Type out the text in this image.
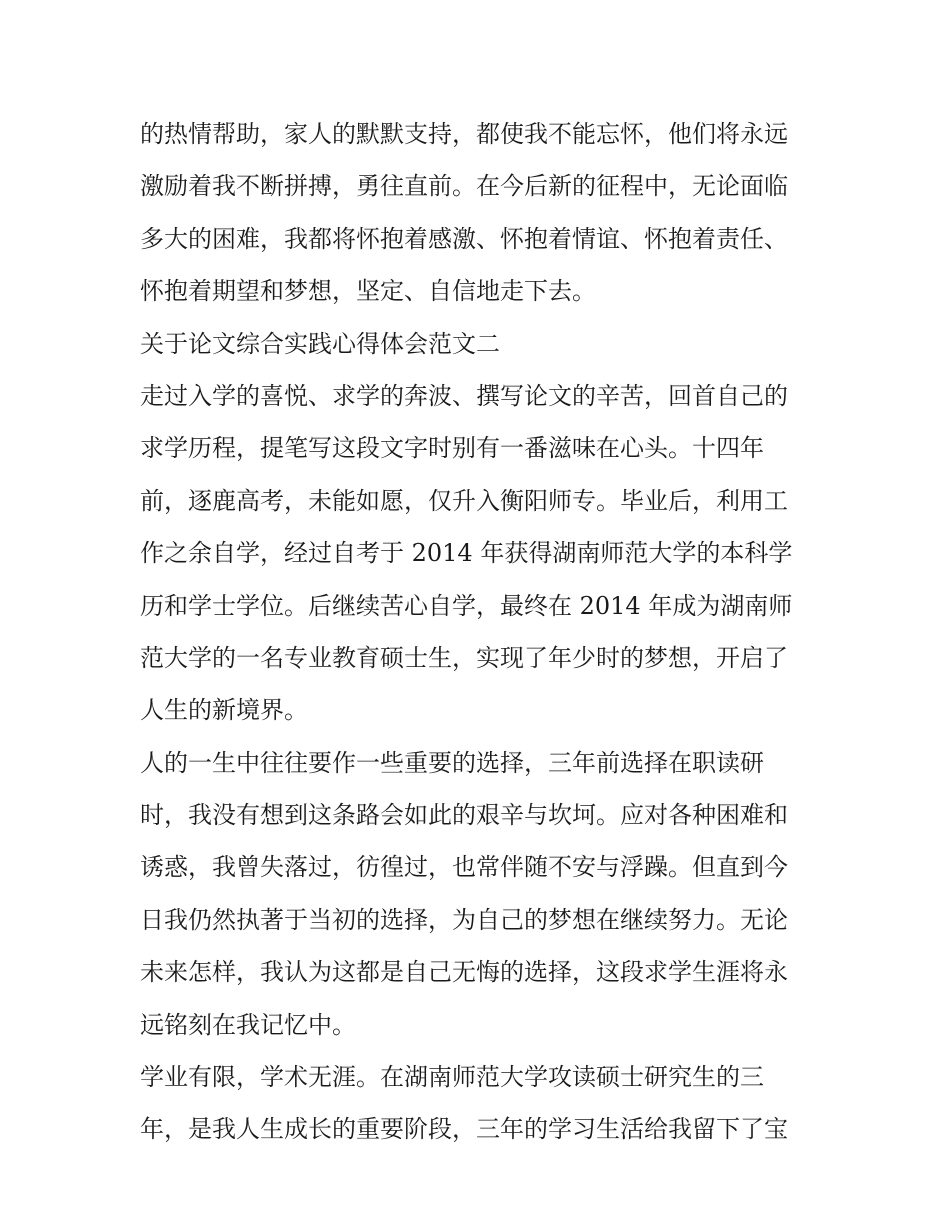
的热情帮助，家人的默默支持，都使我不能忘怀，他们将永远
激励着我不断拼搏，勇往直前。在今后新的征程中，无论面临
多大的困难，我都将怀抱着感激、怀抱着情谊、怀抱着责任、
怀抱着期望和梦想，坚定、自信地走下去。
关于论文综合实践心得体会范文二
走过入学的喜悦、求学的奔波、撰写论文的辛苦，回首自己的
求学历程，提笔写这段文字时别有一番滋味在心头。十四年
前，逐鹿高考，未能如愿，仅升入衡阳师专。毕业后，利用工
作之余自学，经过自考于 2014 年获得湖南师范大学的本科学
历和学士学位。后继续苦心自学，最终在 2014 年成为湖南师
范大学的一名专业教育硕士生，实现了年少时的梦想，开启了
人生的新境界。
人的一生中往往要作一些重要的选择，三年前选择在职读研
时，我没有想到这条路会如此的艰辛与坎坷。应对各种困难和
诱惑，我曾失落过，彷徨过，也常伴随不安与浮躁。但直到今
日我仍然执著于当初的选择，为自己的梦想在继续努力。无论
未来怎样，我认为这都是自己无悔的选择，这段求学生涯将永
远铭刻在我记忆中。
学业有限，学术无涯。在湖南师范大学攻读硕士研究生的三
年，是我人生成长的重要阶段，三年的学习生活给我留下了宝
